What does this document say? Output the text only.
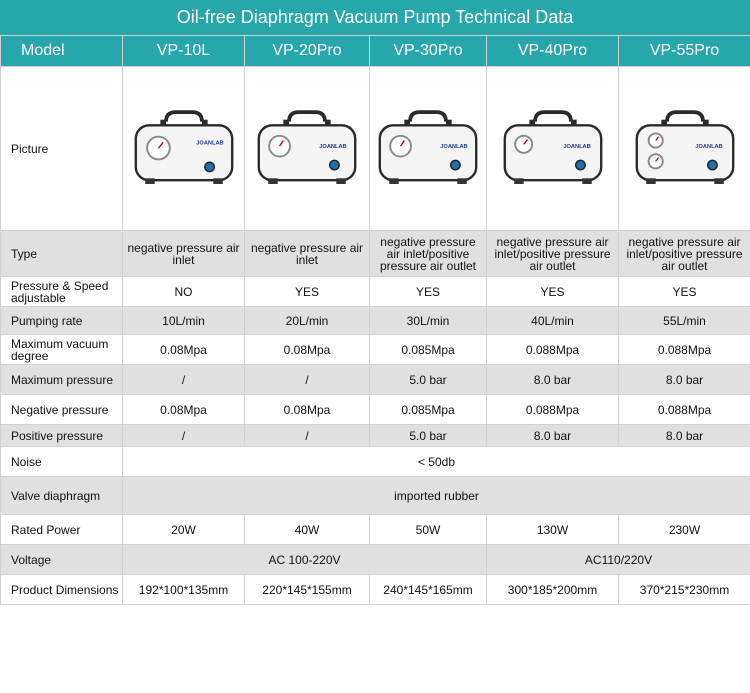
Oil-free Diaphragm Vacuum Pump Technical Data
Model	VP-10L	VP-20Pro	VP-30Pro	VP-40Pro	VP-55Pro
Picture	JOANLAB	JOANLAB	JOANLAB	JOANLAB	JOANLAB

Type	negative pressure air inlet	negative pressure air inlet	negative pressure air inlet/positive pressure air outlet	negative pressure air inlet/positive pressure air outlet	negative pressure air inlet/positive pressure air outlet
Pressure & Speed adjustable	NO	YES	YES	YES	YES
Pumping rate	10L/min	20L/min	30L/min	40L/min	55L/min
Maximum vacuum degree	0.08Mpa	0.08Mpa	0.085Mpa	0.088Mpa	0.088Mpa
Maximum pressure	/	/	5.0 bar	8.0 bar	8.0 bar
Negative pressure	0.08Mpa	0.08Mpa	0.085Mpa	0.088Mpa	0.088Mpa
Positive pressure	/	/	5.0 bar	8.0 bar	8.0 bar
Noise	< 50db				
Valve diaphragm	imported rubber				
Rated Power	20W	40W	50W	130W	230W
Voltage	AC 100-220V			AC110/220V	
Product Dimensions	192*100*135mm	220*145*155mm	240*145*165mm	300*185*200mm	370*215*230mm
